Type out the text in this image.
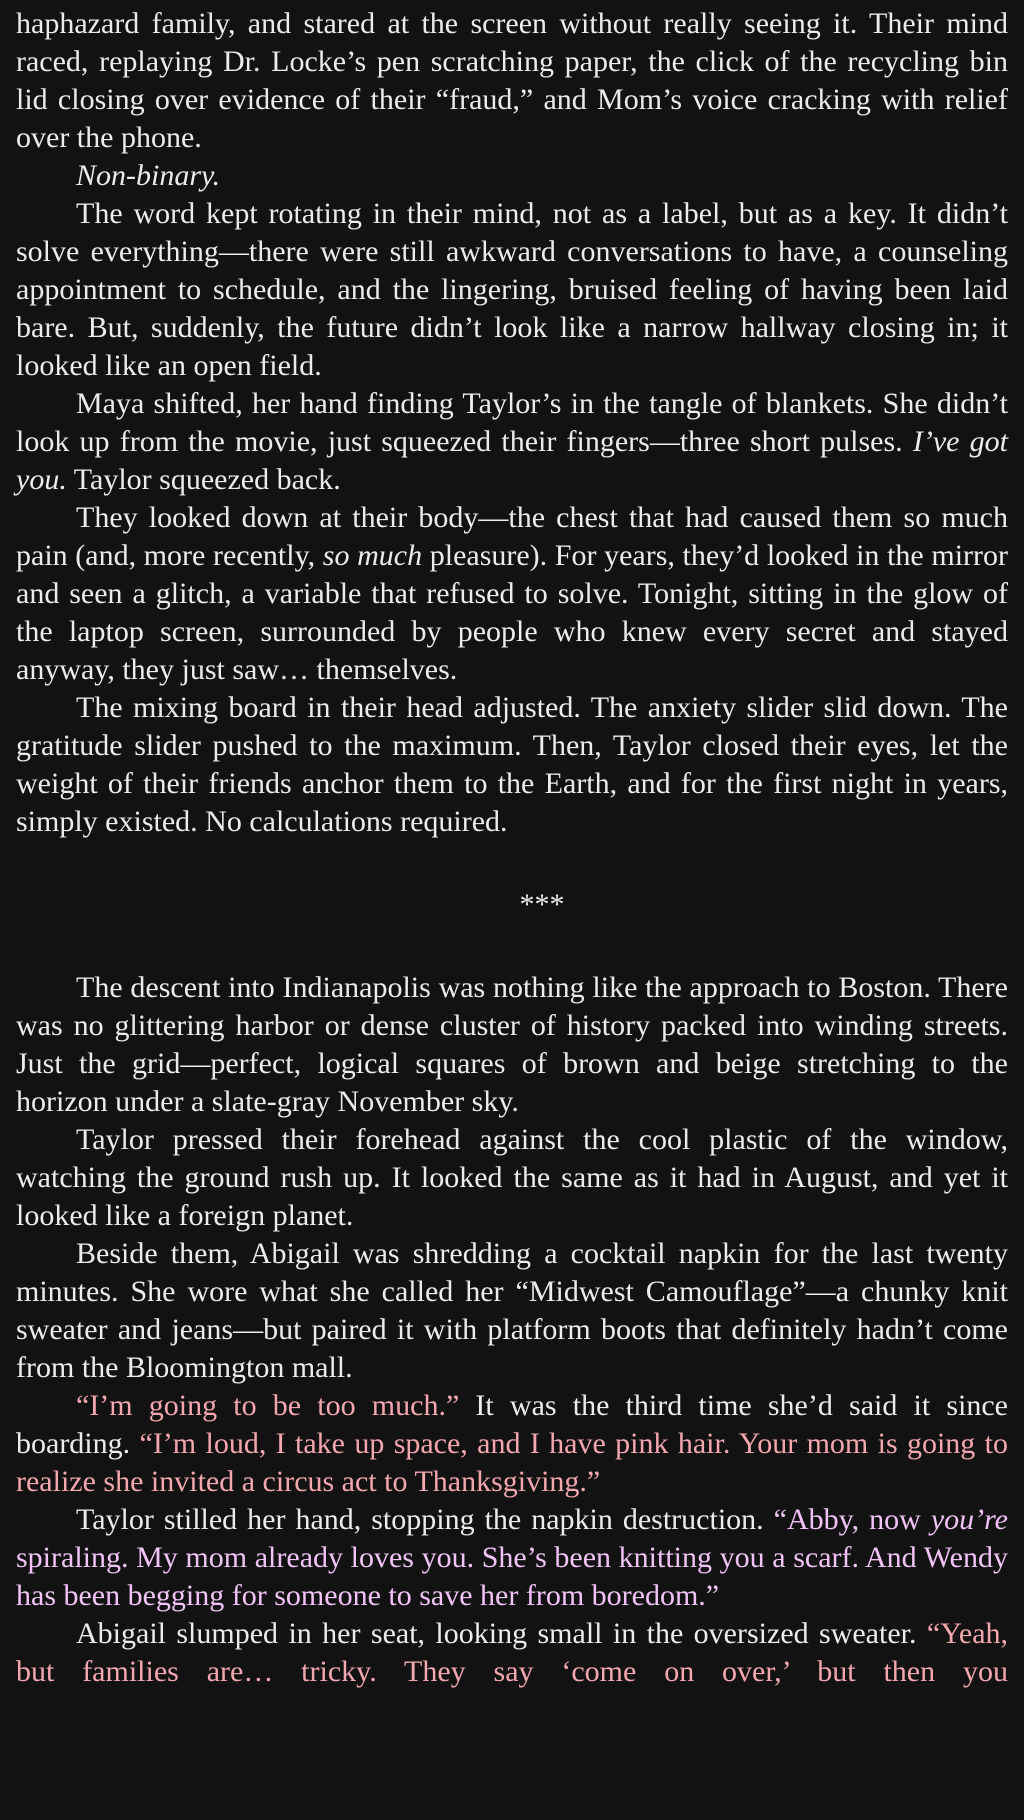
haphazard family, and stared at the screen without really seeing it. Their mind raced, replaying Dr. Locke’s pen scratching paper, the click of the recycling bin lid closing over evidence of their “fraud,” and Mom’s voice cracking with relief over the phone.

Non-binary.

The word kept rotating in their mind, not as a label, but as a key. It didn’t solve everything—there were still awkward conversations to have, a counseling appointment to schedule, and the lingering, bruised feeling of having been laid bare. But, suddenly, the future didn’t look like a narrow hallway closing in; it looked like an open field.

Maya shifted, her hand finding Taylor’s in the tangle of blankets. She didn’t look up from the movie, just squeezed their fingers—three short pulses. I’ve got you. Taylor squeezed back.

They looked down at their body—the chest that had caused them so much pain (and, more recently, so much pleasure). For years, they’d looked in the mirror and seen a glitch, a variable that refused to solve. Tonight, sitting in the glow of the laptop screen, surrounded by people who knew every secret and stayed anyway, they just saw… themselves.

The mixing board in their head adjusted. The anxiety slider slid down. The gratitude slider pushed to the maximum. Then, Taylor closed their eyes, let the weight of their friends anchor them to the Earth, and for the first night in years, simply existed. No calculations required.

***

The descent into Indianapolis was nothing like the approach to Boston. There was no glittering harbor or dense cluster of history packed into winding streets. Just the grid—perfect, logical squares of brown and beige stretching to the horizon under a slate-gray November sky.

Taylor pressed their forehead against the cool plastic of the window, watching the ground rush up. It looked the same as it had in August, and yet it looked like a foreign planet.

Beside them, Abigail was shredding a cocktail napkin for the last twenty minutes. She wore what she called her “Midwest Camouflage”—a chunky knit sweater and jeans—but paired it with platform boots that definitely hadn’t come from the Bloomington mall.

“I’m going to be too much.” It was the third time she’d said it since boarding. “I’m loud, I take up space, and I have pink hair. Your mom is going to realize she invited a circus act to Thanksgiving.”

Taylor stilled her hand, stopping the napkin destruction. “Abby, now you’re spiraling. My mom already loves you. She’s been knitting you a scarf. And Wendy has been begging for someone to save her from boredom.”

Abigail slumped in her seat, looking small in the oversized sweater. “Yeah, but families are… tricky. They say ‘come on over,’ but then you
